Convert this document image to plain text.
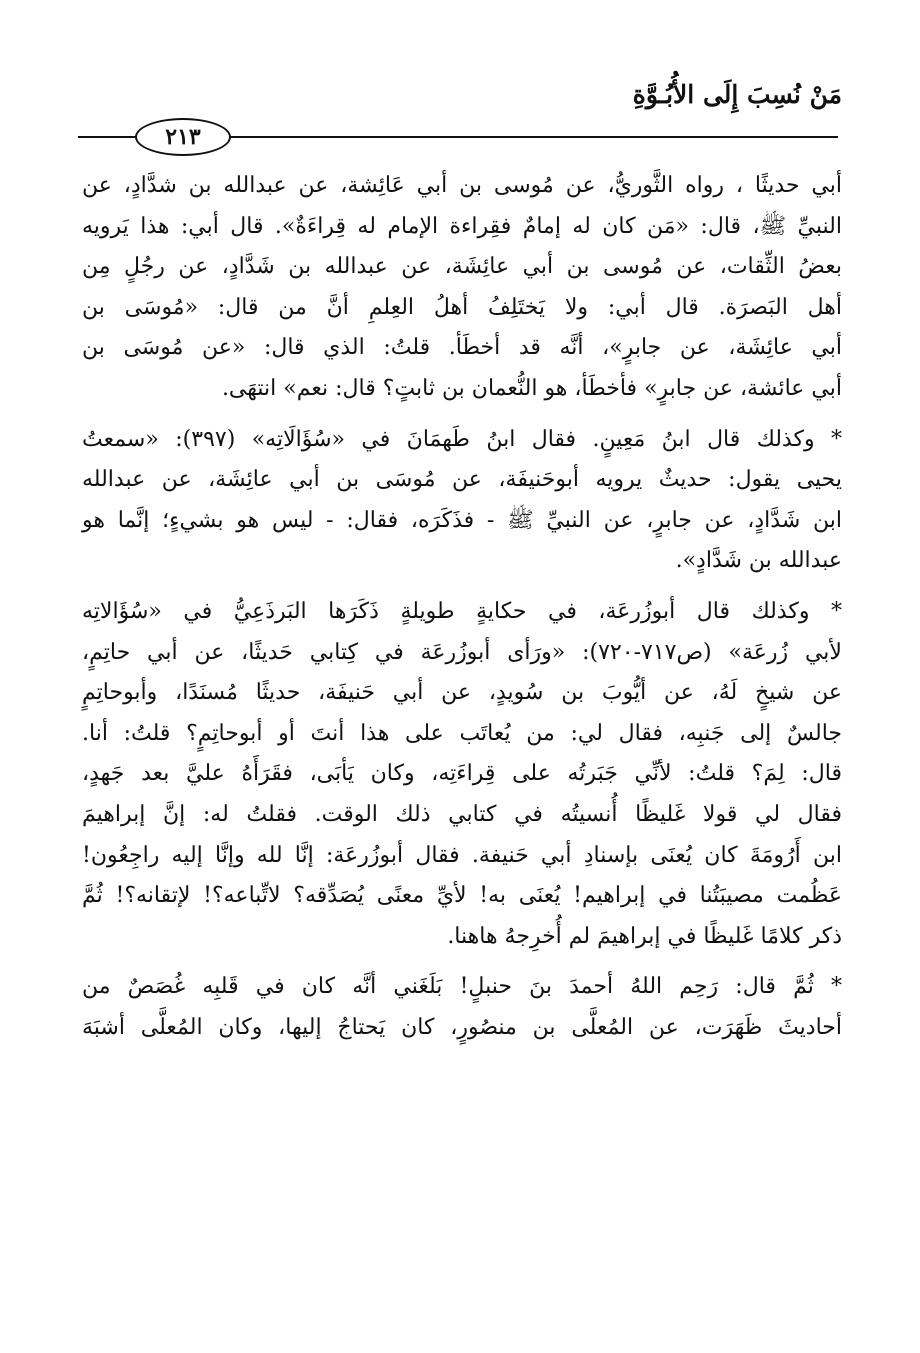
مَنْ نُسِبَ إِلَى الأُبُـوَّةِ
٢١٣

أبي حديثًا ، رواه الثَّوريُّ، عن مُوسى بن أبي عَائِشة، عن عبدالله بن شدَّادٍ، عن
النبيِّ ﷺ، قال: «مَن كان له إمامٌ فقِراءة الإمام له قِراءَةٌ». قال أبي: هذا يَرويه
بعضُ الثِّقات، عن مُوسى بن أبي عائِشَة، عن عبدالله بن شَدَّادٍ، عن رجُلٍ مِن
أهل البَصرَة. قال أبي: ولا يَختَلِفُ أهلُ العِلمِ أنَّ من قال: «مُوسَى بن
أبي عائِشَة، عن جابرٍ»، أنَّه قد أخطَأ. قلتُ: الذي قال: «عن مُوسَى بن
أبي عائشة، عن جابرٍ» فأخطَأ، هو النُّعمان بن ثابتٍ؟ قال: نعم» انتهَى.

* وكذلك قال ابنُ مَعِينٍ. فقال ابنُ طَهمَانَ في «سُؤَالَاتِه» (٣٩٧): «سمعتُ
يحيى يقول: حديثٌ يرويه أبوحَنيفَة، عن مُوسَى بن أبي عائِشَة، عن عبدالله
ابن شَدَّادٍ، عن جابرٍ، عن النبيِّ ﷺ - فذَكَرَه، فقال: - ليس هو بشيءٍ؛ إنَّما هو
عبدالله بن شَدَّادٍ».

* وكذلك قال أبوزُرعَة، في حكايةٍ طويلةٍ ذَكَرَها البَرذَعِيُّ في «سُؤَالاتِه
لأبي زُرعَة» (ص٧١٧-٧٢٠): «ورَأى أبوزُرعَة في كِتابي حَديثًا، عن أبي حاتِمٍ،
عن شيخٍ لَهُ، عن أيُّوبَ بن سُويدٍ، عن أبي حَنيفَة، حديثًا مُسنَدًا، وأبوحاتِمٍ
جالسٌ إلى جَنبِه، فقال لي: من يُعاتَب على هذا أنتَ أو أبوحاتِمٍ؟ قلتُ: أنا.
قال: لِمَ؟ قلتُ: لأنِّي جَبَرتُه على قِراءَتِه، وكان يَأبَى، فقَرَأَهُ عليَّ بعد جَهدٍ،
فقال لي قولا غَليظًا أُنسيتُه في كتابي ذلك الوقت. فقلتُ له: إنَّ إبراهيمَ
ابن أَرُومَةَ كان يُعنَى بإسنادِ أبي حَنيفة. فقال أبوزُرعَة: إنَّا لله وإنَّا إليه راجِعُون!
عَظُمت مصيبَتُنا في إبراهيم! يُعنَى به! لأيِّ معنًى يُصَدِّقه؟ لاتِّباعه؟! لإتقانه؟! ثُمَّ
ذكر كلامًا غَليظًا في إبراهيمَ لم أُخرِجهُ هاهنا.

* ثُمَّ قال: رَحِم اللهُ أحمدَ بنَ حنبلٍ! بَلَغَني أنَّه كان في قَلبِه غُصَصٌ من
أحاديثَ ظَهَرَت، عن المُعلَّى بن منصُورٍ، كان يَحتاجُ إليها، وكان المُعلَّى أشبَهَ
